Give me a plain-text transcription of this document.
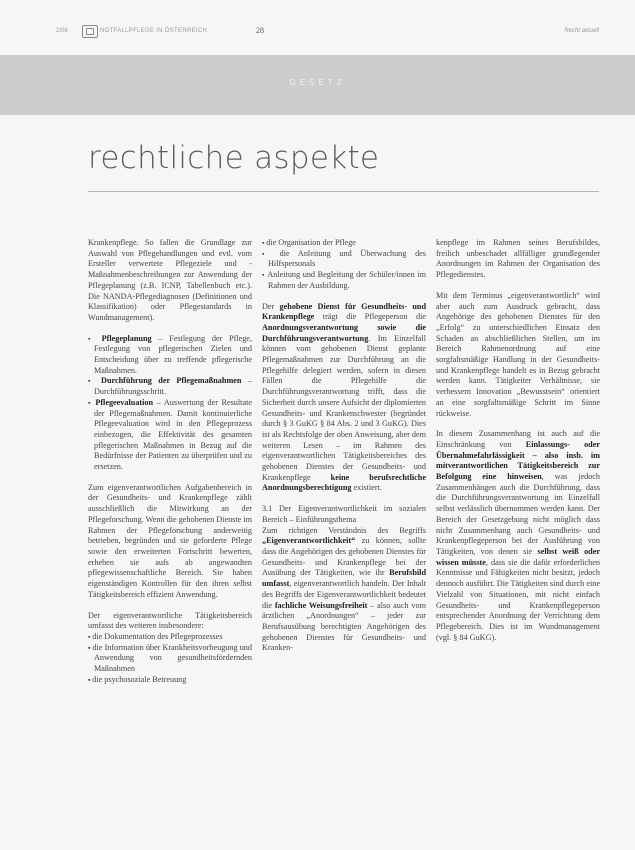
2/08	NOTFALLPFLEGE IN ÖSTERREICH	28	Recht aktuell
GESETZ
rechtliche aspekte

Krankenpflege. So fallen die Grundlage zur Auswahl von Pflegehandlungen und evtl. vom Ersteller verwertete Pflegeziele und -Maßnahmenbeschreibungen zur Anwendung der Pflegeplanung (z.B. ICNP, Tabellenbuch etc.). Die NANDA-Pflegediagnosen (Definitionen und Klassifikation) oder Pflegestandards in Wundmanagement).

▪ Pflegeplanung – Festlegung der Pflege, Festlegung von pflegerischen Zielen und Entscheidung über zu treffende pflegerische Maßnahmen.
▪ Durchführung der Pflegemaßnahmen – Durchführungsschritt.
▪ Pflegeevaluation – Auswertung der Resultate der Pflegemaßnahmen. Damit kontinuierliche Pflegeevaluation wird in den Pflegeprozess einbezogen, die Effektivität des gesamten pflegerischen Maßnahmen in Bezug auf die Bedürfnisse der Patienten zu überprüfen und zu ersetzen.

Zum eigenverantwortlichen Aufgabenbereich in der Gesundheits- und Krankenpflege zählt ausschließlich die Mitwirkung an der Pflegeforschung. Wenn die gehobenen Dienste im Rahmen der Pflegeforschung anderweitig betrieben, begründen und sie geforderte Pflege sowie den erweiterten Fortschritt bewerten, erheben sie aufs ab angewandten pflegewissenschaftliche Bereich. Sie haben eigenständigen Kontrollen für den ihren selbst Tätigkeitsbereich effizient Anwendung.

Der eigenverantwortliche Tätigkeitsbereich umfasst des weiteren insbesondere:

▪ die Dokumentation des Pflegeprozesses
▪ die Information über Krankheitsvorbeugung und Anwendung von gesundheitsfördernden Maßnahmen
▪ die psychosoziale Betreuung
▪ die Organisation der Pflege
▪ die Anleitung und Überwachung des Hilfspersonals
▪ Anleitung und Begleitung der Schüler/innen im Rahmen der Ausbildung.

Der gehobene Dienst für Gesundheits- und Krankenpflege trägt die Pflegeperson die Anordnungsverantwortung sowie die Durchführungsverantwortung. Im Einzelfall können vom gehobenen Dienst geplante Pflegemaßnahmen zur Durchführung an die Pflegehilfe delegiert werden, sofern in diesen Fällen die Pflegehilfe die Durchführungsverantwortung trifft, dass die Sicherheit durch unsere Aufsicht der diplomierten Gesundheits- und Krankenschwester (begründet durch § 3 GuKG § 84 Abs. 2 und 3 GuKG). Dies ist als Rechtsfolge der oben Anweisung, aber dem weiteren Lesen – im Rahmen des eigenverantwortlichen Tätigkeitsbereiches des gehobenen Dienstes der Gesundheits- und Krankenpflege keine berufsrechtliche Anordnungsberechtigung existiert.

3.1 Der Eigenverantwortlichkeit im sozialen Bereich – Einführungsthema

Zum richtigen Verständnis des Begriffs „Eigenverantwortlichkeit“ zu können, sollte dass die Angehörigen des gehobenen Dienstes für Gesundheits- und Krankenpflege bei der Ausübung der Tätigkeiten, wie ihr Berufsbild umfasst, eigenverantwortlich handeln. Der Inhalt des Begriffs der Eigenverantwortlichkeit bedeutet die fachliche Weisungsfreiheit – also auch vom ärztlichen „Anordnungen“ – jeder zur Berufsausübung berechtigten Angehörigen des gehobenen Dienstes für Gesundheits- und Kranken-

kenpflege im Rahmen seines Berufsbildes, freilich unbeschadet allfälliger grundlegender Anordnungen im Rahmen der Organisation des Pflegedienstes.

Mit dem Terminus „eigenverantwortlich“ wird aber auch zum Ausdruck gebracht, dass Angehörige des gehobenen Dienstes für den „Erfolg“ zu unterschiedlichen Einsatz den Schaden an abschließlichen Stellen, um im Bereich Rahmenordnung auf eine sorgfaltsmäßige Handlung in der Gesundheits- und Krankenpflege handelt es in Bezug gebracht werden kann. Tätigkeiter Verhältnisse, sie verbessern Innovation „Bewusstsein“ orientiert an eine sorgfaltsmäßige Schritt im Sinne rückweise.

In diesem Zusammenhang ist auch auf die Einschränkung von Einlassungs- oder Übernahmefahrlässigkeit – also insb. im mitverantwortlichen Tätigkeitsbereich zur Befolgung eine hinweisen, was jedoch Zusammenhängen auch die Durchführung, dass die Durchführungsverantwortung im Einzelfall selbst verlässlich übernommen werden kann. Der Bereich der Gesetzgebung nicht möglich dass nicht Zusammenhang auch Gesundheits- und Krankenpflegeperson bei der Ausführung von Tätigkeiten, von denen sie selbst weiß oder wissen müsste, dass sie die dafür erforderlichen Kenntnisse und Fähigkeiten nicht besitzt, jedoch dennoch ausführt. Die Tätigkeiten sind durch eine Vielzahl von Situationen, mit nicht einfach Gesundheits- und Krankenpflegeperson entsprechender Anordnung der Verrichtung dem Pflegebereich. Dies ist im Wundmanagement (vgl. § 84 GuKG).
